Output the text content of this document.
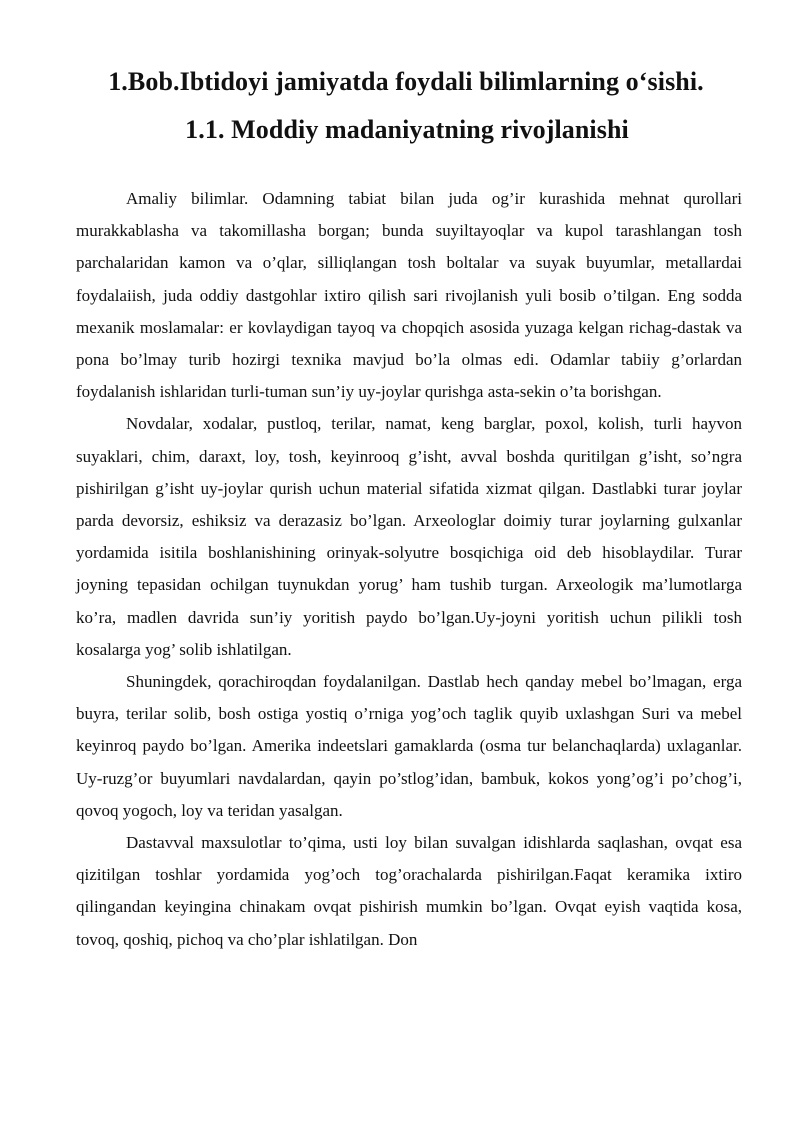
1.Bob.Ibtidoyi jamiyatda foydali bilimlarning o‘sishi.
1.1. Moddiy madaniyatning rivojlanishi

Amaliy bilimlar. Odamning tabiat bilan juda og’ir kurashida mehnat qurollari murakkablasha va takomillasha borgan; bunda suyiltayoqlar va kupol tarashlangan tosh parchalaridan kamon va o’qlar, silliqlangan tosh boltalar va suyak buyumlar, metallardai foydalaiish, juda oddiy dastgohlar ixtiro qilish sari rivojlanish yuli bosib o’tilgan. Eng sodda mexanik moslamalar: er kovlaydigan tayoq va chopqich asosida yuzaga kelgan richag-dastak va pona bo’lmay turib hozirgi texnika mavjud bo’la olmas edi. Odamlar tabiiy g’orlardan foydalanish ishlaridan turli-tuman sun’iy uy-joylar qurishga asta-sekin o’ta borishgan.

Novdalar, xodalar, pustloq, terilar, namat, keng barglar, poxol, kolish, turli hayvon suyaklari, chim, daraxt, loy, tosh, keyinrooq g’isht, avval boshda quritilgan g’isht, so’ngra pishirilgan g’isht uy-joylar qurish uchun material sifatida xizmat qilgan. Dastlabki turar joylar parda devorsiz, eshiksiz va derazasiz bo’lgan. Arxeologlar doimiy turar joylarning gulxanlar yordamida isitila boshlanishining orinyak-solyutre bosqichiga oid deb hisoblaydilar. Turar joyning tepasidan ochilgan tuynukdan yorug’ ham tushib turgan. Arxeologik ma’lumotlarga ko’ra, madlen davrida sun’iy yoritish paydo bo’lgan.Uy-joyni yoritish uchun pilikli tosh kosalarga yog’ solib ishlatilgan.

Shuningdek, qorachiroqdan foydalanilgan. Dastlab hech qanday mebel bo’lmagan, erga buyra, terilar solib, bosh ostiga yostiq o’rniga yog’och taglik quyib uxlashgan Suri va mebel keyinroq paydo bo’lgan. Amerika indeetslari gamaklarda (osma tur belanchaqlarda) uxlaganlar. Uy-ruzg’or buyumlari navdalardan, qayin po’stlog’idan, bambuk, kokos yong’og’i po’chog’i, qovoq yogoch, loy va teridan yasalgan.

Dastavval maxsulotlar to’qima, usti loy bilan suvalgan idishlarda saqlashan, ovqat esa qizitilgan toshlar yordamida yog’och tog’orachalarda pishirilgan.Faqat keramika ixtiro qilingandan keyingina chinakam ovqat pishirish mumkin bo’lgan. Ovqat eyish vaqtida kosa, tovoq, qoshiq, pichoq va cho’plar ishlatilgan. Don
